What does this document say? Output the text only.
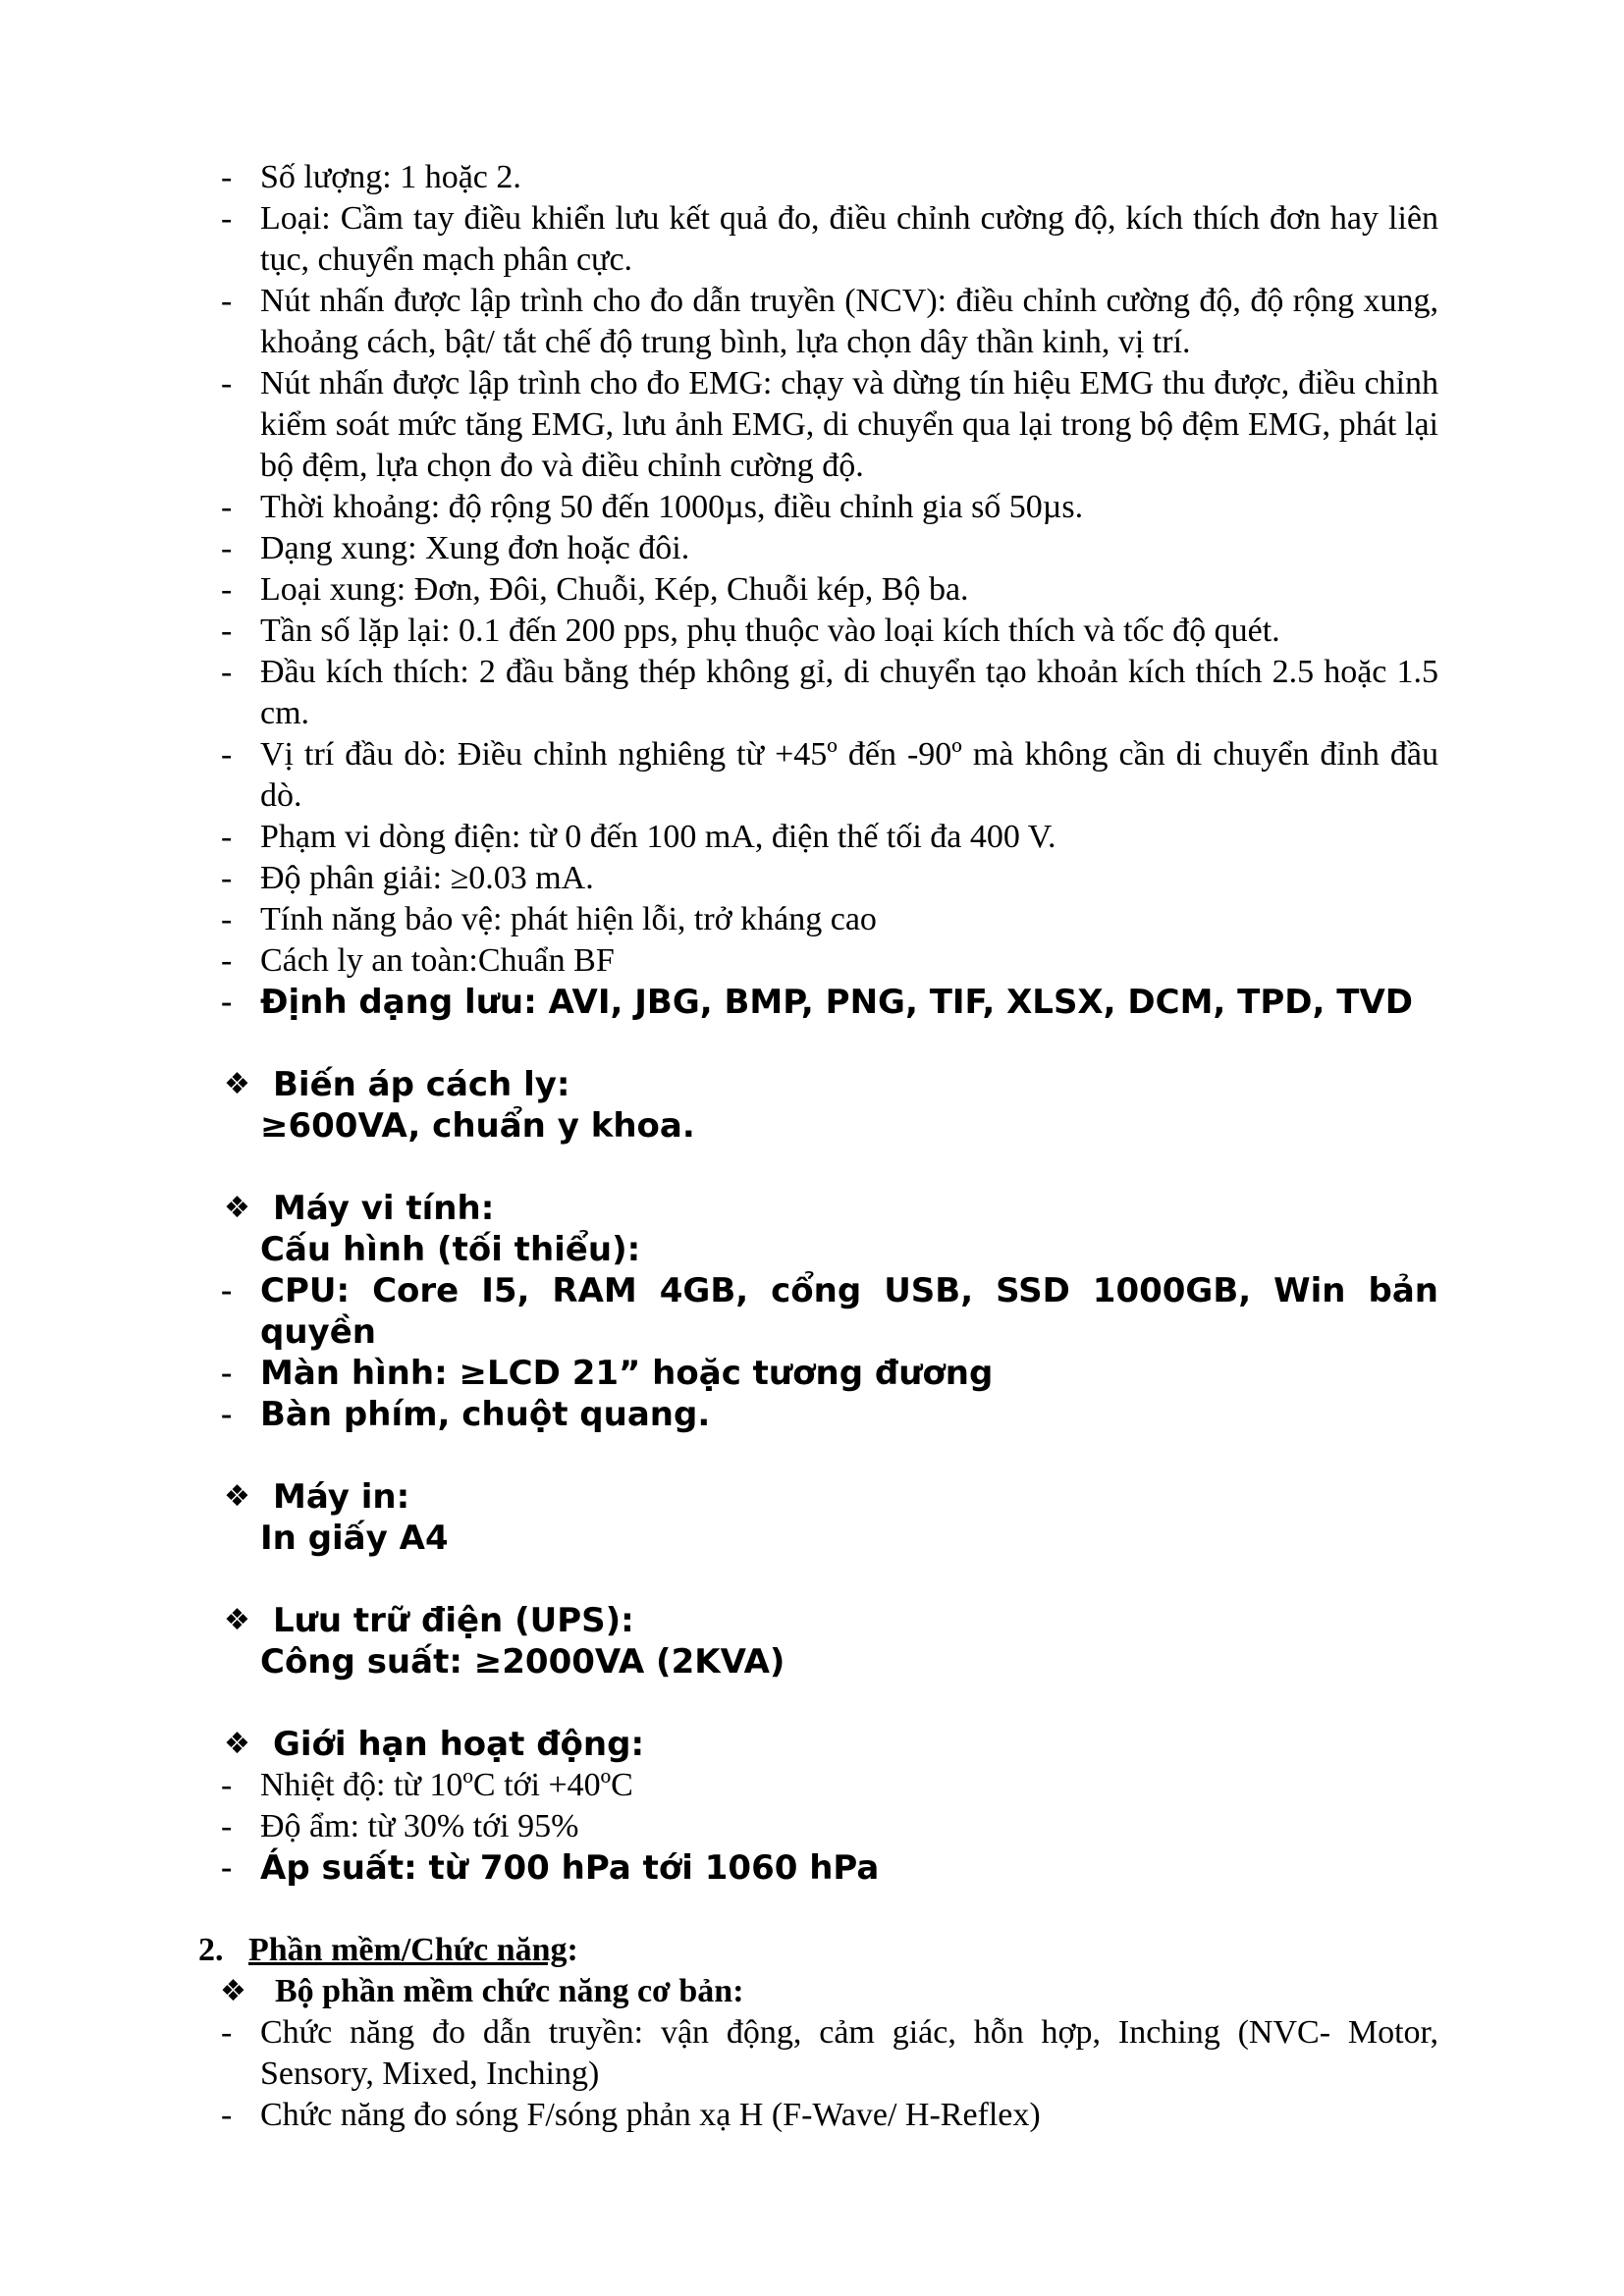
- Số lượng: 1 hoặc 2.

- Loại: Cầm tay điều khiển lưu kết quả đo, điều chỉnh cường độ, kích thích đơn hay liên tục, chuyển mạch phân cực.

- Nút nhấn được lập trình cho đo dẫn truyền (NCV): điều chỉnh cường độ, độ rộng xung, khoảng cách, bật/ tắt chế độ trung bình, lựa chọn dây thần kinh, vị trí.

- Nút nhấn được lập trình cho đo EMG: chạy và dừng tín hiệu EMG thu được, điều chỉnh kiểm soát mức tăng EMG, lưu ảnh EMG, di chuyển qua lại trong bộ đệm EMG, phát lại bộ đệm, lựa chọn đo và điều chỉnh cường độ.

- Thời khoảng: độ rộng 50 đến 1000µs, điều chỉnh gia số 50µs.

- Dạng xung: Xung đơn hoặc đôi.

- Loại xung: Đơn, Đôi, Chuỗi, Kép, Chuỗi kép, Bộ ba.

- Tần số lặp lại: 0.1 đến 200 pps, phụ thuộc vào loại kích thích và tốc độ quét.

- Đầu kích thích: 2 đầu bằng thép không gỉ, di chuyển tạo khoản kích thích 2.5 hoặc 1.5 cm.

- Vị trí đầu dò: Điều chỉnh nghiêng từ +45º đến -90º mà không cần di chuyển đỉnh đầu dò.

- Phạm vi dòng điện: từ 0 đến 100 mA, điện thế tối đa 400 V.

- Độ phân giải: ≥0.03 mA.

- Tính năng bảo vệ: phát hiện lỗi, trở kháng cao

- Cách ly an toàn:Chuẩn BF

- Định dạng lưu: AVI, JBG, BMP, PNG, TIF, XLSX, DCM, TPD, TVD

❖ Biến áp cách ly:

≥600VA, chuẩn y khoa.

❖ Máy vi tính:

Cấu hình (tối thiểu):

- CPU: Core I5, RAM 4GB, cổng USB, SSD 1000GB, Win bản quyền

- Màn hình: ≥LCD 21” hoặc tương đương

- Bàn phím, chuột quang.

❖ Máy in:

In giấy A4

❖ Lưu trữ điện (UPS):

Công suất: ≥2000VA (2KVA)

❖ Giới hạn hoạt động:

- Nhiệt độ: từ 10ºC tới +40ºC

- Độ ẩm: từ 30% tới 95%

- Áp suất: từ 700 hPa tới 1060 hPa

2. Phần mềm/Chức năng:

❖ Bộ phần mềm chức năng cơ bản:

- Chức năng đo dẫn truyền: vận động, cảm giác, hỗn hợp, Inching (NVC- Motor, Sensory, Mixed, Inching)

- Chức năng đo sóng F/sóng phản xạ H (F-Wave/ H-Reflex)
